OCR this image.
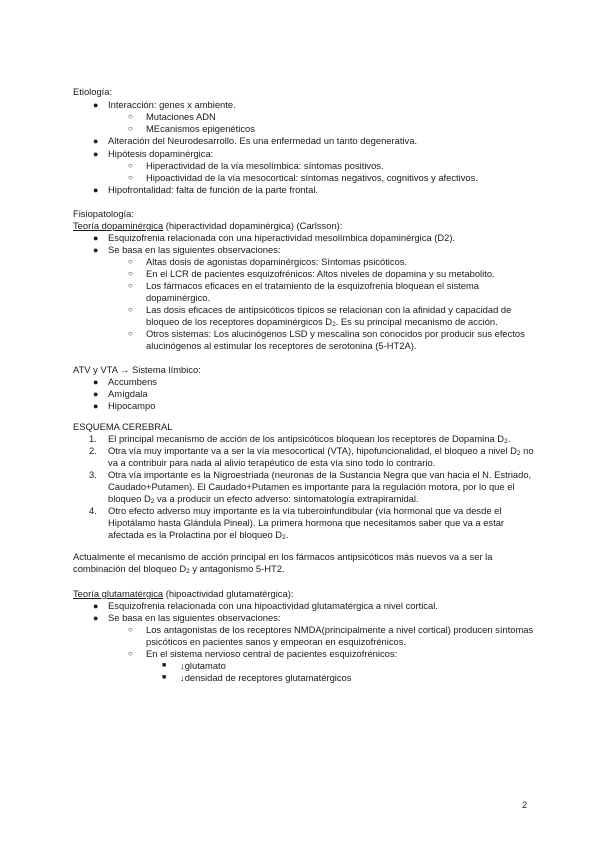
Etiología:
● Interacción: genes x ambiente.
○ Mutaciones ADN
○ MEcanismos epigenéticos
● Alteración del Neurodesarrollo. Es una enfermedad un tanto degenerativa.
● Hipótesis dopaminérgica:
○ Hiperactividad de la vía mesolímbica: síntomas positivos.
○ Hipoactividad de la vía mesocortical: síntomas negativos, cognitivos y afectivos.
● Hipofrontalidad: falta de función de la parte frontal.
Fisiopatología:
Teoría dopaminérgica (hiperactividad dopaminérgica) (Carlsson):
● Esquizofrenia relacionada con una hiperactividad mesolímbica dopaminérgica (D2).
● Se basa en las siguientes observaciones:
○ Altas dosis de agonistas dopaminérgicos: Síntomas psicóticos.
○ En el LCR de pacientes esquizofrénicos: Altos niveles de dopamina y su metabolito.
○ Los fármacos eficaces en el tratamiento de la esquizofrenia bloquean el sistema
dopaminérgico.
○ Las dosis eficaces de antipsicóticos típicos se relacionan con la afinidad y capacidad de
bloqueo de los receptores dopaminérgicos $D_2$. Es su principal mecanismo de acción.
○ Otros sistemas: Los alucinógenos LSD y mescalina son conocidos por producir sus efectos
alucinógenos al estimular los receptores de serotonina (5-HT2A).
ATV y VTA → Sistema límbico:
● Accumbens
● Amígdala
● Hipocampo
ESQUEMA CEREBRAL
1. El principal mecanismo de acción de los antipsicóticos bloquean los receptores de Dopamina $D_2$.
2. Otra vía muy importante va a ser la vía mesocortical (VTA), hipofuncionalidad, el bloqueo a nivel $D_2$ no
va a contribuir para nada al alivio terapéutico de esta vía sino todo lo contrario.
3. Otra vía importante es la Nigroestriada (neuronas de la Sustancia Negra que van hacia el N. Estriado,
Caudado+Putamen). El Caudado+Putamen es importante para la regulación motora, por lo que el
bloqueo $D_2$ va a producir un efecto adverso: sintomatología extrapiramidal.
4. Otro efecto adverso muy importante es la vía tuberoinfundibular (vía hormonal que va desde el
Hipotálamo hasta Glándula Pineal). La primera hormona que necesitamos saber que va a estar
afectada es la Prolactina por el bloqueo $D_2$.
Actualmente el mecanismo de acción principal en los fármacos antipsicóticos más nuevos va a ser la
combinación del bloqueo $D_2$ y antagonismo 5-HT2.
Teoría glutamatérgica (hipoactividad glutamatérgica):
● Esquizofrenia relacionada con una hipoactividad glutamatérgica a nivel cortical.
● Se basa en las siguientes observaciones:
○ Los antagonistas de los receptores NMDA(principalmente a nivel cortical) producen síntomas
psicóticos en pacientes sanos y empeoran en esquizofrénicos.
○ En el sistema nervioso central de pacientes esquizofrénicos:
■ ↓glutamato
■ ↓densidad de receptores glutamatérgicos
2
